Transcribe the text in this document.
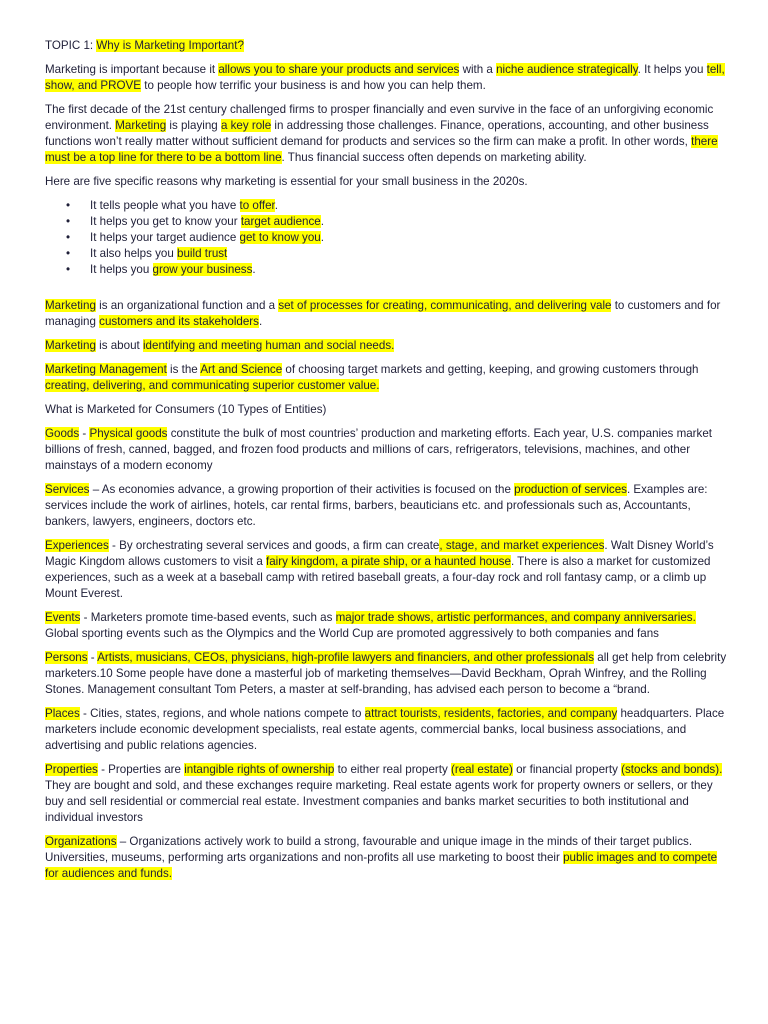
TOPIC 1: Why is Marketing Important?

Marketing is important because it allows you to share your products and services with a niche audience strategically. It helps you tell, show, and PROVE to people how terrific your business is and how you can help them.

The first decade of the 21st century challenged firms to prosper financially and even survive in the face of an unforgiving economic environment. Marketing is playing a key role in addressing those challenges. Finance, operations, accounting, and other business functions won’t really matter without sufficient demand for products and services so the firm can make a profit. In other words, there must be a top line for there to be a bottom line. Thus financial success often depends on marketing ability.

Here are five specific reasons why marketing is essential for your small business in the 2020s.

• It tells people what you have to offer.
• It helps you get to know your target audience.
• It helps your target audience get to know you.
• It also helps you build trust
• It helps you grow your business.

Marketing is an organizational function and a set of processes for creating, communicating, and delivering vale to customers and for managing customers and its stakeholders.

Marketing is about identifying and meeting human and social needs.

Marketing Management is the Art and Science of choosing target markets and getting, keeping, and growing customers through creating, delivering, and communicating superior customer value.

What is Marketed for Consumers (10 Types of Entities)

Goods - Physical goods constitute the bulk of most countries’ production and marketing efforts. Each year, U.S. companies market billions of fresh, canned, bagged, and frozen food products and millions of cars, refrigerators, televisions, machines, and other mainstays of a modern economy

Services – As economies advance, a growing proportion of their activities is focused on the production of services. Examples are: services include the work of airlines, hotels, car rental firms, barbers, beauticians etc. and professionals such as, Accountants, bankers, lawyers, engineers, doctors etc.

Experiences - By orchestrating several services and goods, a firm can create, stage, and market experiences. Walt Disney World’s Magic Kingdom allows customers to visit a fairy kingdom, a pirate ship, or a haunted house. There is also a market for customized experiences, such as a week at a baseball camp with retired baseball greats, a four-day rock and roll fantasy camp, or a climb up Mount Everest.

Events - Marketers promote time-based events, such as major trade shows, artistic performances, and company anniversaries. Global sporting events such as the Olympics and the World Cup are promoted aggressively to both companies and fans

Persons - Artists, musicians, CEOs, physicians, high-profile lawyers and financiers, and other professionals all get help from celebrity marketers.10 Some people have done a masterful job of marketing themselves—David Beckham, Oprah Winfrey, and the Rolling Stones. Management consultant Tom Peters, a master at self-branding, has advised each person to become a “brand.

Places - Cities, states, regions, and whole nations compete to attract tourists, residents, factories, and company headquarters. Place marketers include economic development specialists, real estate agents, commercial banks, local business associations, and advertising and public relations agencies.

Properties - Properties are intangible rights of ownership to either real property (real estate) or financial property (stocks and bonds). They are bought and sold, and these exchanges require marketing. Real estate agents work for property owners or sellers, or they buy and sell residential or commercial real estate. Investment companies and banks market securities to both institutional and individual investors

Organizations – Organizations actively work to build a strong, favourable and unique image in the minds of their target publics. Universities, museums, performing arts organizations and non-profits all use marketing to boost their public images and to compete for audiences and funds.
